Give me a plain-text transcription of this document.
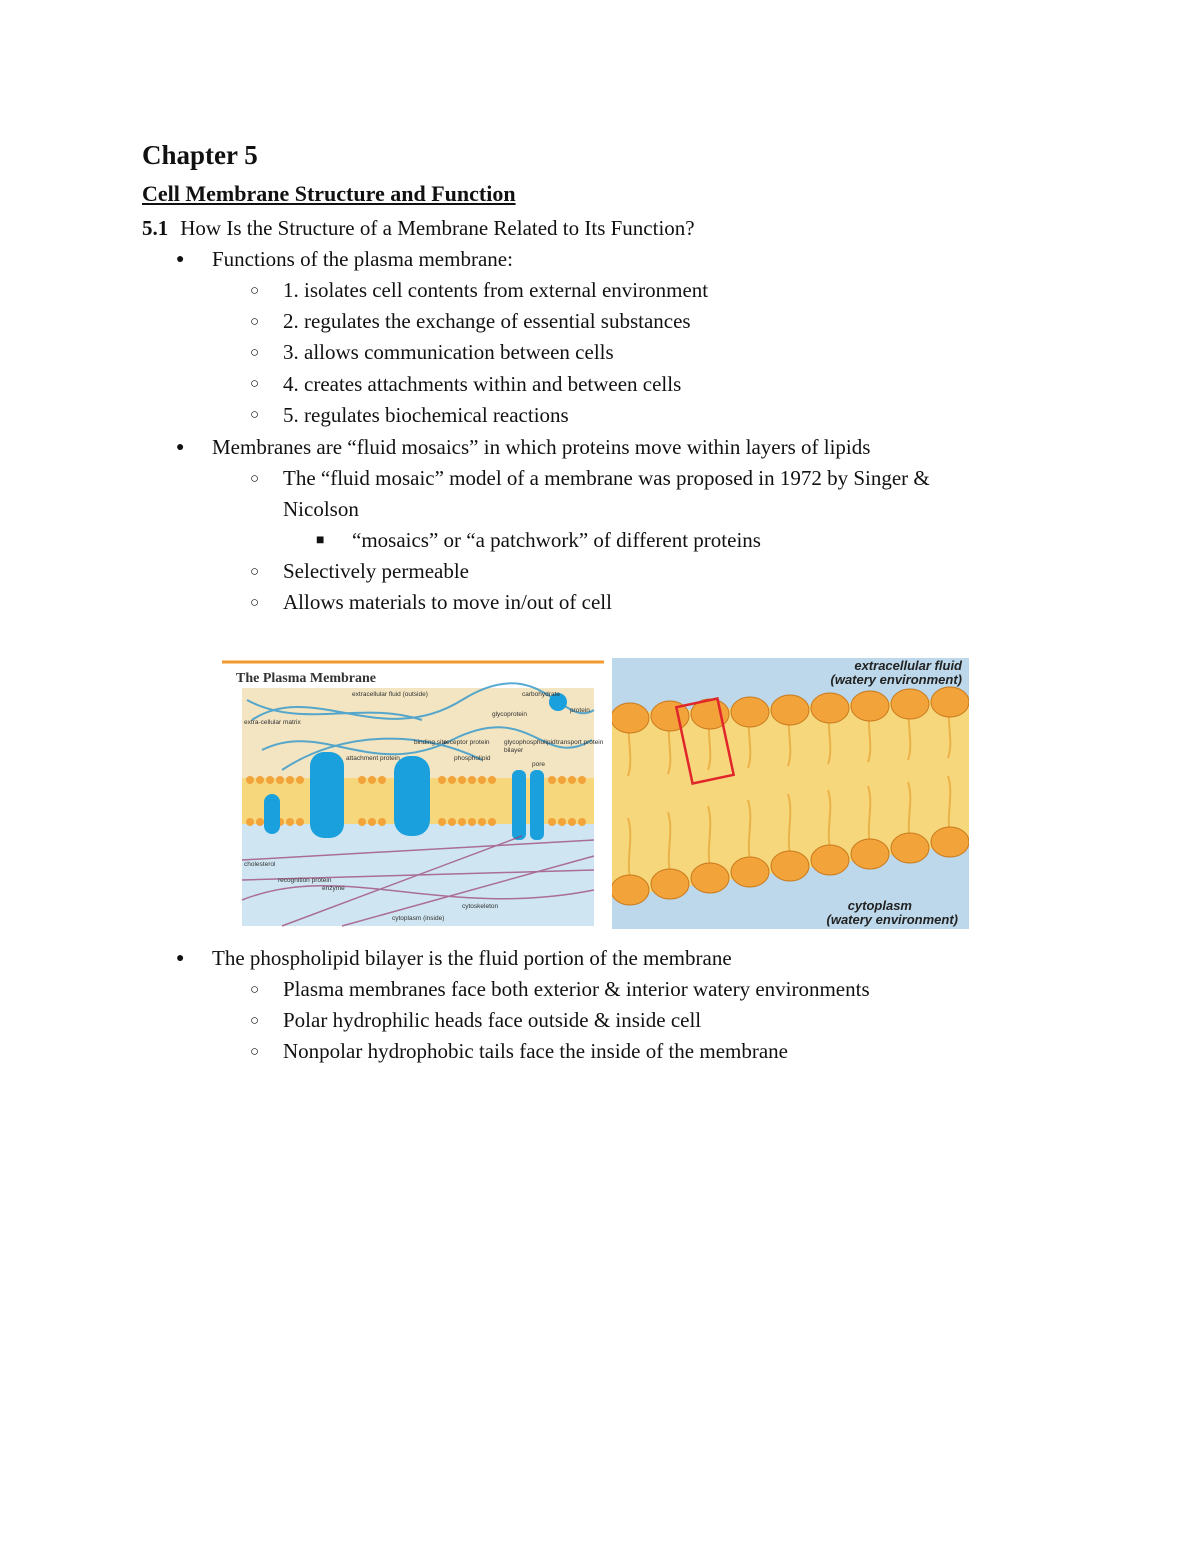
Chapter 5
Cell Membrane Structure and Function
5.1 How Is the Structure of a Membrane Related to Its Function?
● Functions of the plasma membrane:
○ 1. isolates cell contents from external environment
○ 2. regulates the exchange of essential substances
○ 3. allows communication between cells
○ 4. creates attachments within and between cells
○ 5. regulates biochemical reactions
● Membranes are “fluid mosaics” in which proteins move within layers of lipids
○ The “fluid mosaic” model of a membrane was proposed in 1972 by Singer &
Nicolson
■ “mosaics” or “a patchwork” of different proteins
○ Selectively permeable
○ Allows materials to move in/out of cell
The Plasma Membrane
extracellular fluid (outside)	carbohydrate
protein
glycoprotein
extra-cellular matrix
binding site
receptor protein
phospholipid
glycophospholipid
bilayer
transport protein
pore
attachment protein
cholesterol
recognition protein
enzyme
cytoskeleton
cytoplasm (inside)
extracellular fluid
(watery environment)
cytoplasm
(watery environment)
● The phospholipid bilayer is the fluid portion of the membrane
○ Plasma membranes face both exterior & interior watery environments
○ Polar hydrophilic heads face outside & inside cell
○ Nonpolar hydrophobic tails face the inside of the membrane
